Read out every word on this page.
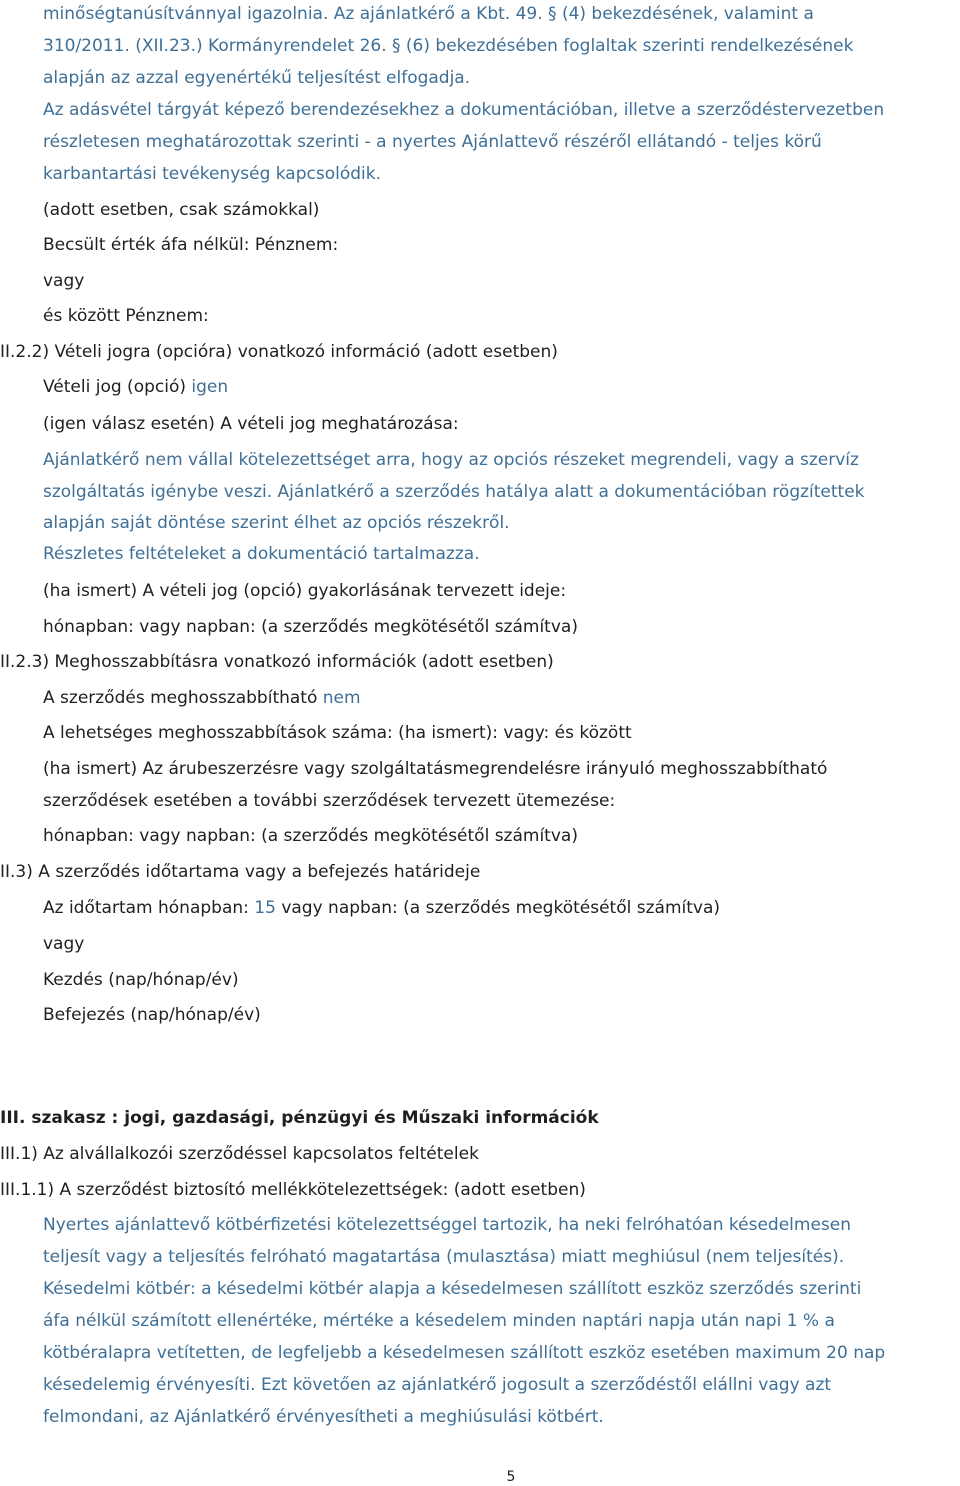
minőségtanúsítvánnyal igazolnia. Az ajánlatkérő a Kbt. 49. § (4) bekezdésének, valamint a
310/2011. (XII.23.) Kormányrendelet 26. § (6) bekezdésében foglaltak szerinti rendelkezésének
alapján az azzal egyenértékű teljesítést elfogadja.
Az adásvétel tárgyát képező berendezésekhez a dokumentációban, illetve a szerződéstervezetben
részletesen meghatározottak szerinti - a nyertes Ajánlattevő részéről ellátandó - teljes körű
karbantartási tevékenység kapcsolódik.
(adott esetben, csak számokkal)
Becsült érték áfa nélkül: Pénznem:
vagy
és között Pénznem:
II.2.2) Vételi jogra (opcióra) vonatkozó információ (adott esetben)
Vételi jog (opció) igen
(igen válasz esetén) A vételi jog meghatározása:
Ajánlatkérő nem vállal kötelezettséget arra, hogy az opciós részeket megrendeli, vagy a szervíz
szolgáltatás igénybe veszi. Ajánlatkérő a szerződés hatálya alatt a dokumentációban rögzítettek
alapján saját döntése szerint élhet az opciós részekről.
Részletes feltételeket a dokumentáció tartalmazza.
(ha ismert) A vételi jog (opció) gyakorlásának tervezett ideje:
hónapban: vagy napban: (a szerződés megkötésétől számítva)
II.2.3) Meghosszabbításra vonatkozó információk (adott esetben)
A szerződés meghosszabbítható nem
A lehetséges meghosszabbítások száma: (ha ismert): vagy: és között
(ha ismert) Az árubeszerzésre vagy szolgáltatásmegrendelésre irányuló meghosszabbítható
szerződések esetében a további szerződések tervezett ütemezése:
hónapban: vagy napban: (a szerződés megkötésétől számítva)
II.3) A szerződés időtartama vagy a befejezés határideje
Az időtartam hónapban: 15 vagy napban: (a szerződés megkötésétől számítva)
vagy
Kezdés (nap/hónap/év)
Befejezés (nap/hónap/év)
III. szakasz : jogi, gazdasági, pénzügyi és Műszaki információk
III.1) Az alvállalkozói szerződéssel kapcsolatos feltételek
III.1.1) A szerződést biztosító mellékkötelezettségek: (adott esetben)
Nyertes ajánlattevő kötbérfizetési kötelezettséggel tartozik, ha neki felróhatóan késedelmesen
teljesít vagy a teljesítés felróható magatartása (mulasztása) miatt meghiúsul (nem teljesítés).
Késedelmi kötbér: a késedelmi kötbér alapja a késedelmesen szállított eszköz szerződés szerinti
áfa nélkül számított ellenértéke, mértéke a késedelem minden naptári napja után napi 1 % a
kötbéralapra vetítetten, de legfeljebb a késedelmesen szállított eszköz esetében maximum 20 nap
késedelemig érvényesíti. Ezt követően az ajánlatkérő jogosult a szerződéstől elállni vagy azt
felmondani, az Ajánlatkérő érvényesítheti a meghiúsulási kötbért.
5
